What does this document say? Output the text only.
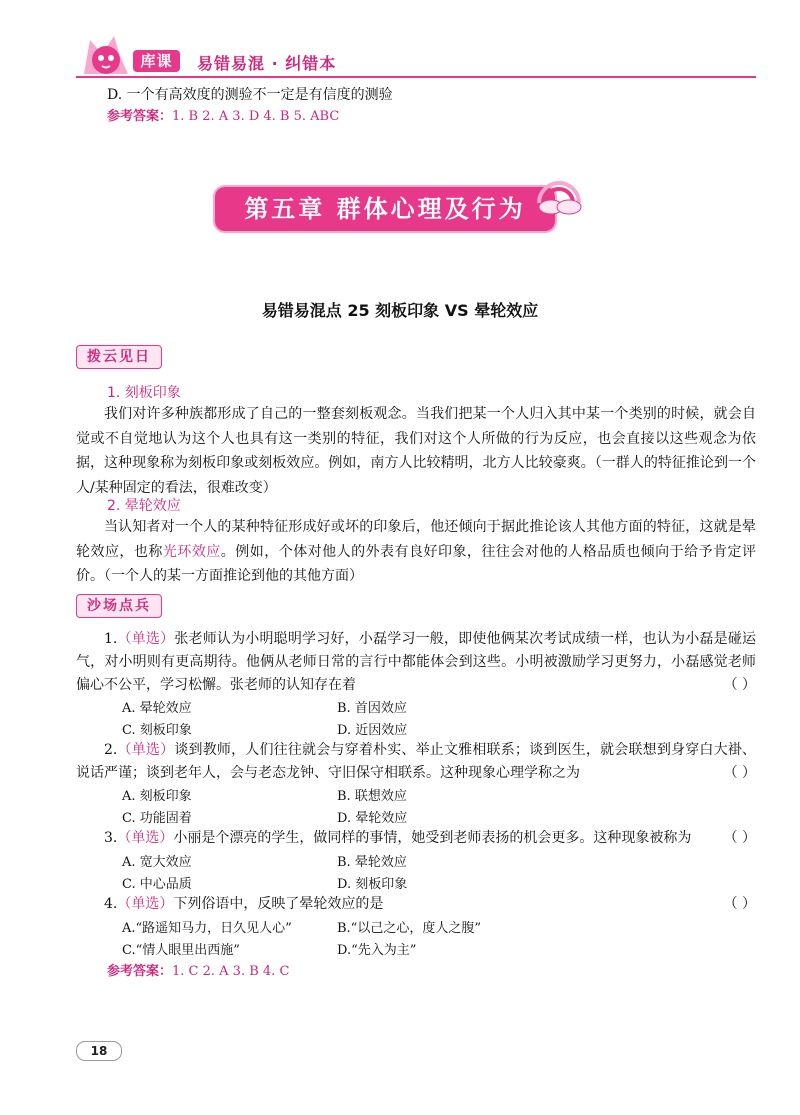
库课	易错易混 · 纠错本
D. 一个有高效度的测验不一定是有信度的测验
参考答案：1. B 2. A 3. D 4. B 5. ABC
第五章 群体心理及行为
易错易混点 25 刻板印象 VS 晕轮效应
拨云见日
1. 刻板印象
我们对许多种族都形成了自己的一整套刻板观念。当我们把某一个人归入其中某一个类别的时候，就会自觉或不自觉地认为这个人也具有这一类别的特征，我们对这个人所做的行为反应，也会直接以这些观念为依据，这种现象称为刻板印象或刻板效应。例如，南方人比较精明，北方人比较豪爽。（一群人的特征推论到一个人/某种固定的看法，很难改变）
2. 晕轮效应
当认知者对一个人的某种特征形成好或坏的印象后，他还倾向于据此推论该人其他方面的特征，这就是晕轮效应，也称光环效应。例如，个体对他人的外表有良好印象，往往会对他的人格品质也倾向于给予肯定评价。（一个人的某一方面推论到他的其他方面）
沙场点兵
1.（单选）张老师认为小明聪明学习好，小磊学习一般，即使他俩某次考试成绩一样，也认为小磊是碰运气，对小明则有更高期待。他俩从老师日常的言行中都能体会到这些。小明被激励学习更努力，小磊感觉老师偏心不公平，学习松懈。张老师的认知存在着	（ ）
A. 晕轮效应	B. 首因效应
C. 刻板印象	D. 近因效应
2.（单选）谈到教师，人们往往就会与穿着朴实、举止文雅相联系；谈到医生，就会联想到身穿白大褂、说话严谨；谈到老年人，会与老态龙钟、守旧保守相联系。这种现象心理学称之为	（ ）
A. 刻板印象	B. 联想效应
C. 功能固着	D. 晕轮效应
3.（单选）小丽是个漂亮的学生，做同样的事情，她受到老师表扬的机会更多。这种现象被称为 （ ）
A. 宽大效应	B. 晕轮效应
C. 中心品质	D. 刻板印象
4.（单选）下列俗语中，反映了晕轮效应的是	（ ）
A.“路遥知马力，日久见人心”	B.“以己之心，度人之腹”
C.“情人眼里出西施”	D.“先入为主”
参考答案：1. C 2. A 3. B 4. C
18
